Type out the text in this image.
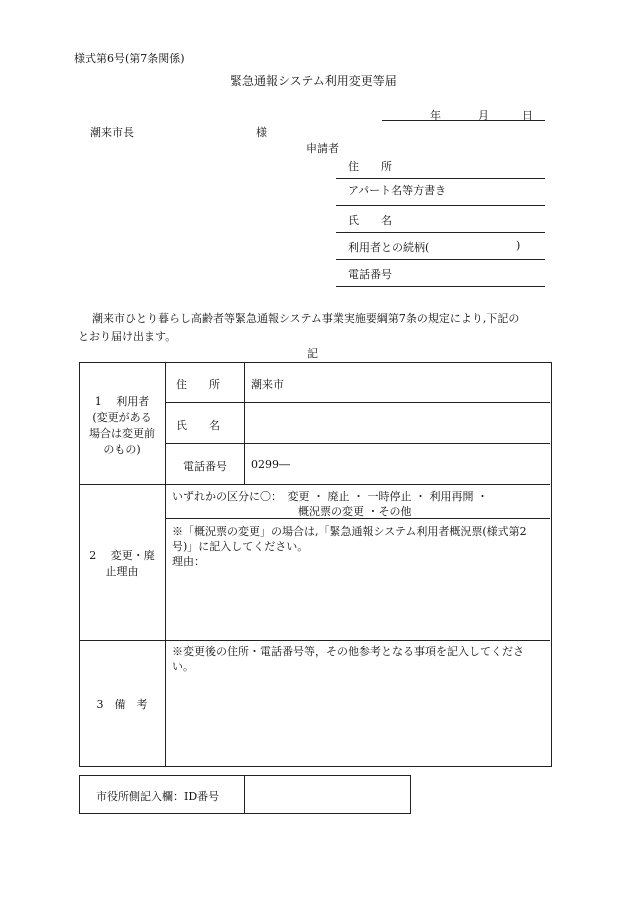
様式第6号(第7条関係)
緊急通報システム利用変更等届
年	月	日
潮来市長	様
申請者
住　　所
アパート名等方書き
氏　　名
利用者との続柄(	)
電話番号
潮来市ひとり暮らし高齢者等緊急通報システム事業実施要綱第7条の規定により,下記の
とおり届け出ます。
記
1　 利用者
(変更がある
場合は変更前
のもの)
住　　所	潮来市
氏　　名
電話番号 0299―
2　 変更・廃
止理由
いずれかの区分に〇：　変更 ・ 廃止 ・ 一時停止 ・ 利用再開 ・
概況票の変更 ・その他
※「概況票の変更」の場合は,「緊急通報システム利用者概況票(様式第2
号)」に記入してください。
理由：
3　備　考
※変更後の住所・電話番号等，その他参考となる事項を記入してくださ
い。
市役所側記入欄：ID番号
